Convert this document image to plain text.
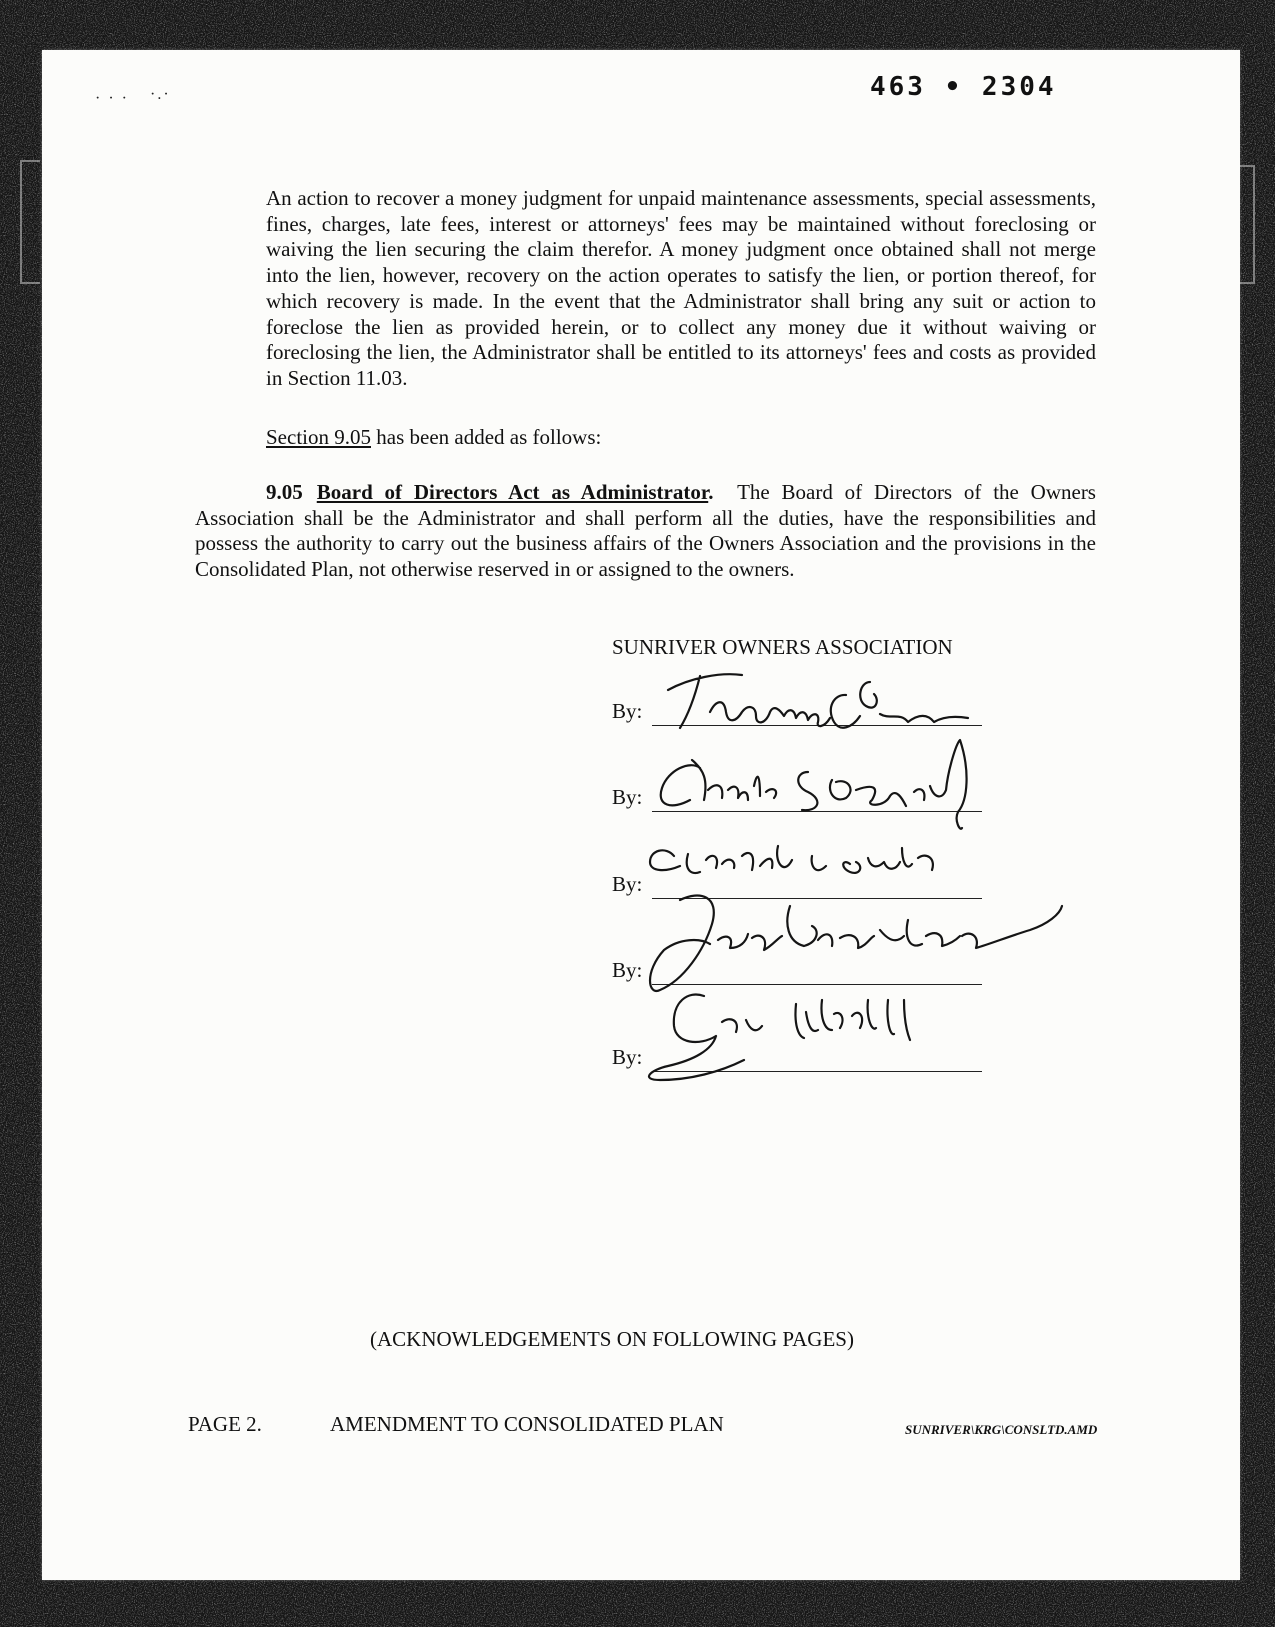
· · · ·.·	463 • 2304
An action to recover a money judgment for unpaid maintenance assessments, special assessments, fines, charges, late fees, interest or attorneys' fees may be maintained without foreclosing or waiving the lien securing the claim therefor. A money judgment once obtained shall not merge into the lien, however, recovery on the action operates to satisfy the lien, or portion thereof, for which recovery is made. In the event that the Administrator shall bring any suit or action to foreclose the lien as provided herein, or to collect any money due it without waiving or foreclosing the lien, the Administrator shall be entitled to its attorneys' fees and costs as provided in Section 11.03.
Section 9.05 has been added as follows:
9.05 Board of Directors Act as Administrator. The Board of Directors of the Owners Association shall be the Administrator and shall perform all the duties, have the responsibilities and possess the authority to carry out the business affairs of the Owners Association and the provisions in the Consolidated Plan, not otherwise reserved in or assigned to the owners.
SUNRIVER OWNERS ASSOCIATION
By:
By:
By:
By:
By:
(ACKNOWLEDGEMENTS ON FOLLOWING PAGES)
PAGE 2.	AMENDMENT TO CONSOLIDATED PLAN	SUNRIVER\KRG\CONSLTD.AMD
